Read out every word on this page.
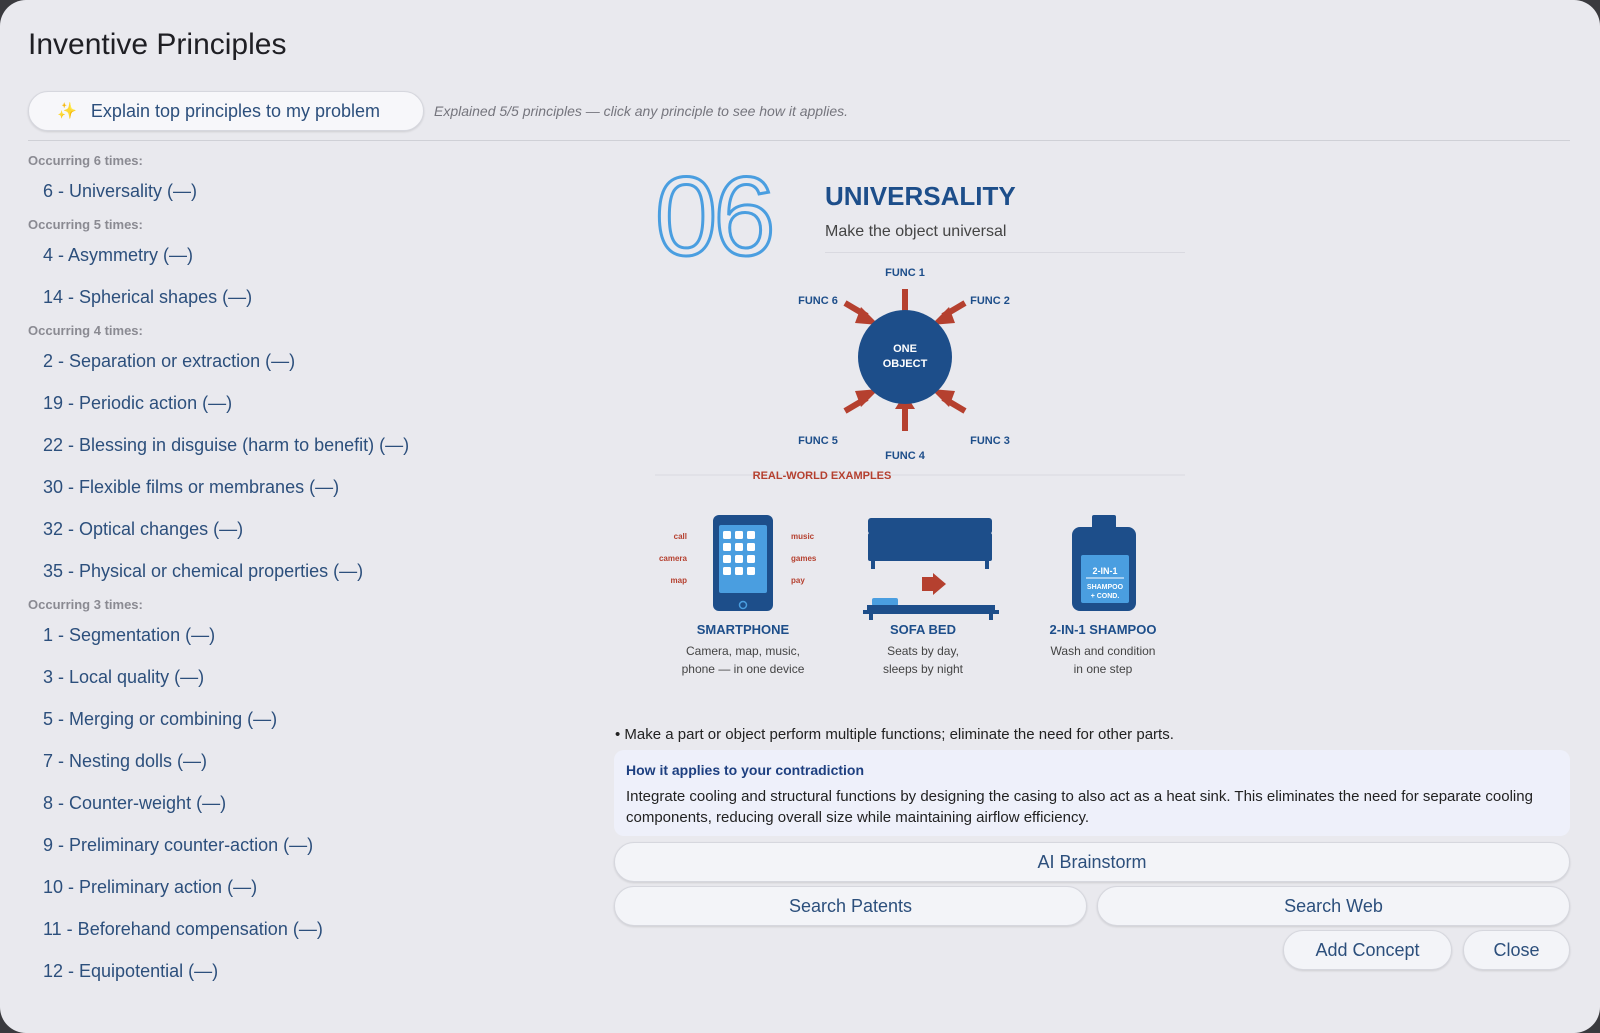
Inventive Principles
✨ Explain top principles to my problem	Explained 5/5 principles — click any principle to see how it applies.
Occurring 6 times:
6 - Universality (—)
Occurring 5 times:
4 - Asymmetry (—)
14 - Spherical shapes (—)
Occurring 4 times:
2 - Separation or extraction (—)
19 - Periodic action (—)
22 - Blessing in disguise (harm to benefit) (—)
30 - Flexible films or membranes (—)
32 - Optical changes (—)
35 - Physical or chemical properties (—)
Occurring 3 times:
1 - Segmentation (—)
3 - Local quality (—)
5 - Merging or combining (—)
7 - Nesting dolls (—)
8 - Counter-weight (—)
9 - Preliminary counter-action (—)
10 - Preliminary action (—)
11 - Beforehand compensation (—)
12 - Equipotential (—)
06 UNIVERSALITY
Make the object universal
ONE
OBJECT
FUNC 1
FUNC 2
FUNC 3
FUNC 4
FUNC 5
FUNC 6
REAL-WORLD EXAMPLES
call
camera
map
music
games
pay
2-IN-1
SHAMPOO
+ COND.
SMARTPHONE
Camera, map, music,
phone — in one device
SOFA BED
Seats by day,
sleeps by night
2-IN-1 SHAMPOO
Wash and condition
in one step
• Make a part or object perform multiple functions; eliminate the need for other parts.
How it applies to your contradiction
Integrate cooling and structural functions by designing the casing to also act as a heat sink. This eliminates the need for separate cooling components, reducing overall size while maintaining airflow efficiency.
AI Brainstorm
Search Patents	Search Web
Add Concept	Close
